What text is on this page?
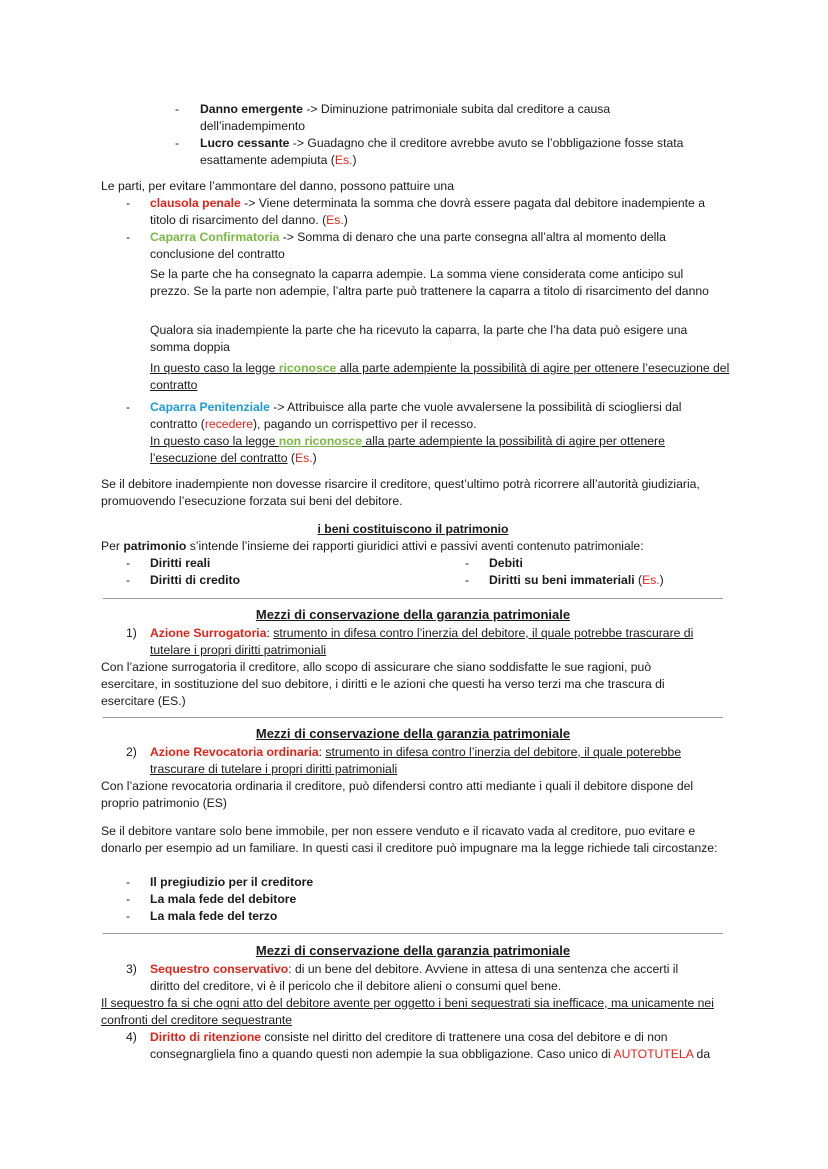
- Danno emergente -> Diminuzione patrimoniale subita dal creditore a causa dell’inadempimento
- Lucro cessante -> Guadagno che il creditore avrebbe avuto se l’obbligazione fosse stata esattamente adempiuta (Es.)
Le parti, per evitare l’ammontare del danno, possono pattuire una
- clausola penale -> Viene determinata la somma che dovrà essere pagata dal debitore inadempiente a titolo di risarcimento del danno. (Es.)
- Caparra Confirmatoria -> Somma di denaro che una parte consegna all’altra al momento della conclusione del contratto
Se la parte che ha consegnato la caparra adempie. La somma viene considerata come anticipo sul prezzo. Se la parte non adempie, l’altra parte può trattenere la caparra a titolo di risarcimento del danno
Qualora sia inadempiente la parte che ha ricevuto la caparra, la parte che l’ha data può esigere una somma doppia
In questo caso la legge riconosce alla parte adempiente la possibilità di agire per ottenere l’esecuzione del contratto
- Caparra Penitenziale -> Attribuisce alla parte che vuole avvalersene la possibilità di sciogliersi dal contratto (recedere), pagando un corrispettivo per il recesso.
In questo caso la legge non riconosce alla parte adempiente la possibilità di agire per ottenere l’esecuzione del contratto (Es.)
Se il debitore inadempiente non dovesse risarcire il creditore, quest’ultimo potrà ricorrere all’autorità giudiziaria, promuovendo l’esecuzione forzata sui beni del debitore.
i beni costituiscono il patrimonio
Per patrimonio s’intende l’insieme dei rapporti giuridici attivi e passivi aventi contenuto patrimoniale:
- Diritti reali
- Diritti di credito
- Debiti
- Diritti su beni immateriali (Es.)
Mezzi di conservazione della garanzia patrimoniale
1) Azione Surrogatoria: strumento in difesa contro l’inerzia del debitore, il quale potrebbe trascurare di tutelare i propri diritti patrimoniali
Con l’azione surrogatoria il creditore, allo scopo di assicurare che siano soddisfatte le sue ragioni, può esercitare, in sostituzione del suo debitore, i diritti e le azioni che questi ha verso terzi ma che trascura di esercitare (ES.)
Mezzi di conservazione della garanzia patrimoniale
2) Azione Revocatoria ordinaria: strumento in difesa contro l’inerzia del debitore, il quale poterebbe trascurare di tutelare i propri diritti patrimoniali
Con l’azione revocatoria ordinaria il creditore, può difendersi contro atti mediante i quali il debitore dispone del proprio patrimonio (ES)
Se il debitore vantare solo bene immobile, per non essere venduto e il ricavato vada al creditore, puo evitare e donarlo per esempio ad un familiare. In questi casi il creditore può impugnare ma la legge richiede tali circostanze:
- Il pregiudizio per il creditore
- La mala fede del debitore
- La mala fede del terzo
Mezzi di conservazione della garanzia patrimoniale
3) Sequestro conservativo: di un bene del debitore. Avviene in attesa di una sentenza che accerti il diritto del creditore, vi è il pericolo che il debitore alieni o consumi quel bene.
Il sequestro fa si che ogni atto del debitore avente per oggetto i beni sequestrati sia inefficace, ma unicamente nei confronti del creditore sequestrante
4) Diritto di ritenzione consiste nel diritto del creditore di trattenere una cosa del debitore e di non consegnargliela fino a quando questi non adempie la sua obbligazione. Caso unico di AUTOTUTELA da
